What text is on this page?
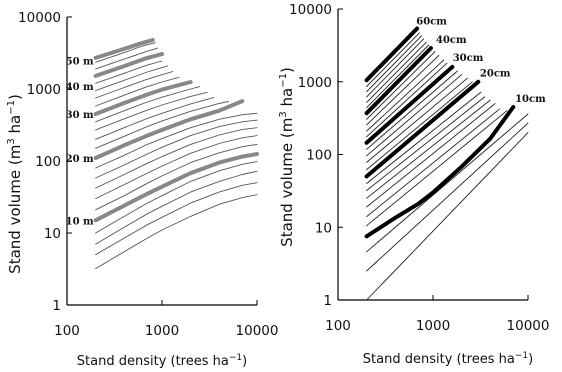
1
10
100
1000
10000
100	1000	10000
50 m
40 m
30 m
20 m
10 m
Stand density (trees $ha^{-1}$)
Stand volume ($m^3$ $ha^{-1}$)
1
10
100
1000
10000
100	1000	10000
60cm
40cm
30cm
20cm
10cm
Stand density (trees $ha^{-1}$)
Stand volume ($m^3$ $ha^{-1}$)
